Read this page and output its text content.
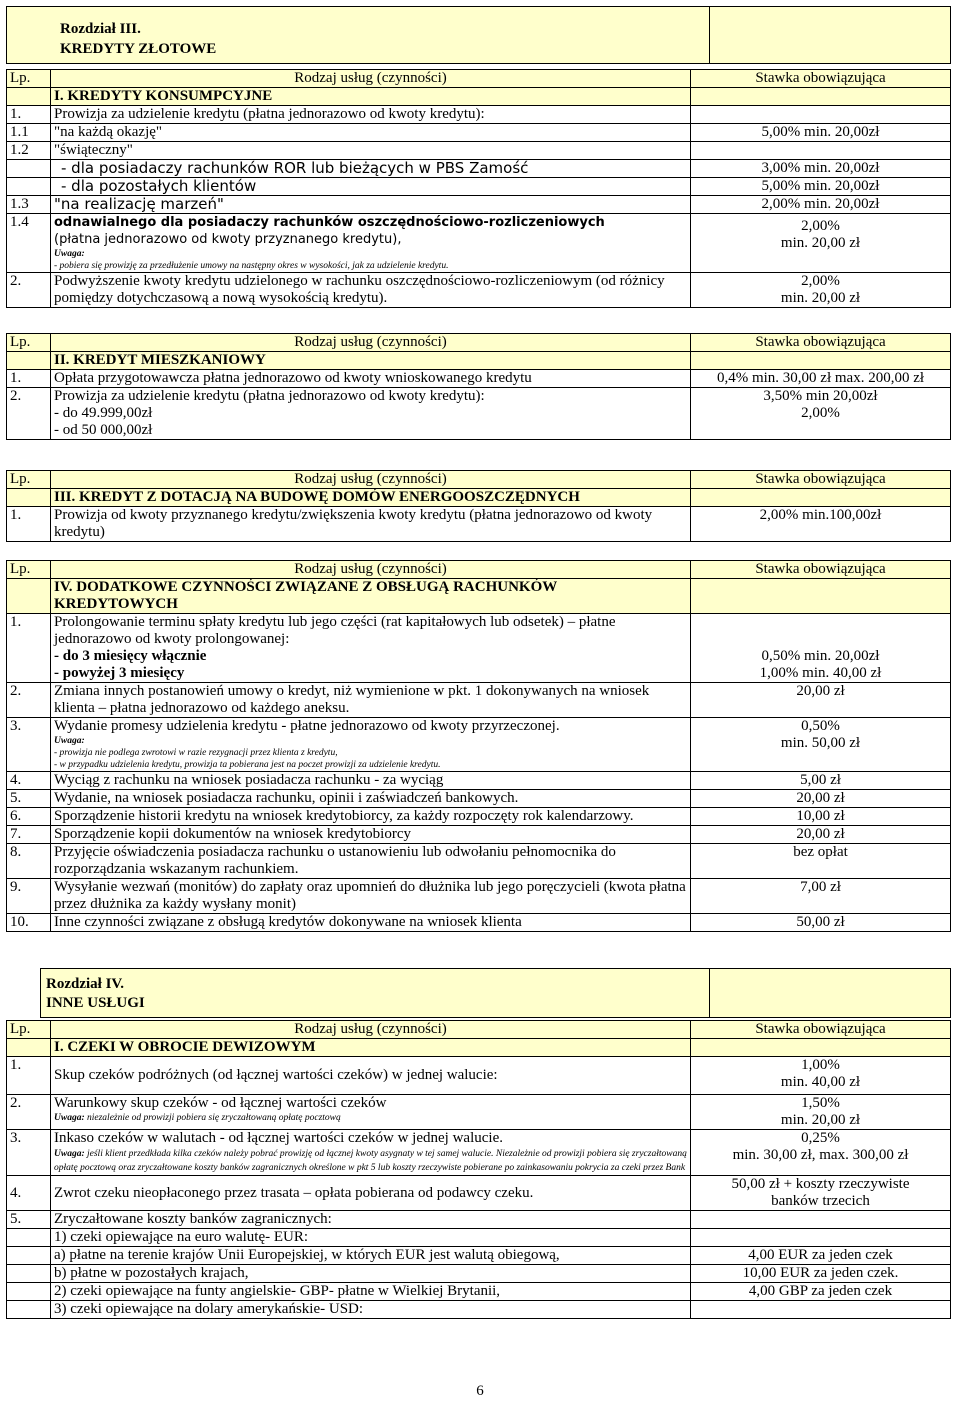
Rozdział III.
KREDYTY ZŁOTOWE
Lp.	Rodzaj usług (czynności)	Stawka obowiązująca
	I. KREDYTY KONSUMPCYJNE	
1.	Prowizja za udzielenie kredytu (płatna jednorazowo od kwoty kredytu):	
1.1	"na każdą okazję"	5,00% min. 20,00zł
1.2	"świąteczny"	
	- dla posiadaczy rachunków ROR lub bieżących w PBS Zamość	3,00% min. 20,00zł
	- dla pozostałych klientów	5,00% min. 20,00zł
1.3	"na realizację marzeń"	2,00% min. 20,00zł
1.4	odnawialnego dla posiadaczy rachunków oszczędnościowo-rozliczeniowych
(płatna jednorazowo od kwoty przyznanego kredytu),
Uwaga:
- pobiera się prowizję za przedłużenie umowy na następny okres w wysokości, jak za udzielenie kredytu.	2,00%
min. 20,00 zł

2.	Podwyższenie kwoty kredytu udzielonego w rachunku oszczędnościowo-rozliczeniowym (od różnicy pomiędzy dotychczasową a nową wysokością kredytu).	2,00%
min. 20,00 zł
Lp.	Rodzaj usług (czynności)	Stawka obowiązująca
	II. KREDYT MIESZKANIOWY	
1.	Opłata przygotowawcza płatna jednorazowo od kwoty wnioskowanego kredytu	0,4% min. 30,00 zł max. 200,00 zł
2.	Prowizja za udzielenie kredytu (płatna jednorazowo od kwoty kredytu):
- do 49.999,00zł
- od 50 000,00zł	3,50% min 20,00zł
2,00%
Lp.	Rodzaj usług (czynności)	Stawka obowiązująca
	III. KREDYT Z DOTACJĄ NA BUDOWĘ DOMÓW ENERGOOSZCZĘDNYCH	
1.	Prowizja od kwoty przyznanego kredytu/zwiększenia kwoty kredytu (płatna jednorazowo od kwoty kredytu)	2,00% min.100,00zł
Lp.	Rodzaj usług (czynności)	Stawka obowiązująca

	IV. DODATKOWE CZYNNOŚCI ZWIĄZANE Z OBSŁUGĄ RACHUNKÓW
KREDYTOWYCH	

1.	Prolongowanie terminu spłaty kredytu lub jego części (rat kapitałowych lub odsetek) – płatne jednorazowo od kwoty prolongowanej:
- do 3 miesięcy włącznie
- powyżej 3 miesięcy	0,50% min. 20,00zł
1,00% min. 40,00 zł

2.	Zmiana innych postanowień umowy o kredyt, niż wymienione w pkt. 1 dokonywanych na wniosek klienta – płatna jednorazowo od każdego aneksu.	20,00 zł
3.	Wydanie promesy udzielenia kredytu - płatne jednorazowo od kwoty przyrzeczonej.
Uwaga:
- prowizja nie podlega zwrotowi w razie rezygnacji przez klienta z kredytu,
- w przypadku udzielenia kredytu, prowizja ta pobierana jest na poczet prowizji za udzielenie kredytu.	0,50%
min. 50,00 zł

4.	Wyciąg z rachunku na wniosek posiadacza rachunku - za wyciąg	5,00 zł
5.	Wydanie, na wniosek posiadacza rachunku, opinii i zaświadczeń bankowych.	20,00 zł
6.	Sporządzenie historii kredytu na wniosek kredytobiorcy, za każdy rozpoczęty rok kalendarzowy.	10,00 zł
7.	Sporządzenie kopii dokumentów na wniosek kredytobiorcy	20,00 zł
8.	Przyjęcie oświadczenia posiadacza rachunku o ustanowieniu lub odwołaniu pełnomocnika do rozporządzania wskazanym rachunkiem.	bez opłat
9.	Wysyłanie wezwań (monitów) do zapłaty oraz upomnień do dłużnika lub jego poręczycieli (kwota płatna przez dłużnika za każdy wysłany monit)	7,00 zł
10.	Inne czynności związane z obsługą kredytów dokonywane na wniosek klienta	50,00 zł
Rozdział IV.
INNE USŁUGI
Lp.	Rodzaj usług (czynności)	Stawka obowiązująca
	I. CZEKI W OBROCIE DEWIZOWYM	
1.	Skup czeków podróżnych (od łącznej wartości czeków) w jednej walucie:	1,00%
min. 40,00 zł

2.	Warunkowy skup czeków - od łącznej wartości czeków
Uwaga: niezależnie od prowizji pobiera się zryczałtowaną opłatę pocztową	1,50%
min. 20,00 zł

3.	Inkaso czeków w walutach - od łącznej wartości czeków w jednej walucie.
Uwaga: jeśli klient przedkłada kilka czeków należy pobrać prowizję od łącznej kwoty asygnaty w tej samej walucie. Niezależnie od prowizji pobiera się zryczałtowaną opłatę pocztową oraz zryczałtowane koszty banków zagranicznych określone w pkt 5 lub koszty rzeczywiste pobierane po zainkasowaniu pokrycia za czeki przez Bank	0,25%
min. 30,00 zł, max. 300,00 zł

4.	Zwrot czeku nieopłaconego przez trasata – opłata pobierana od podawcy czeku.	50,00 zł + koszty rzeczywiste
banków trzecich

5.	Zryczałtowane koszty banków zagranicznych:	
	1) czeki opiewające na euro walutę- EUR:	
	a) płatne na terenie krajów Unii Europejskiej, w których EUR jest walutą obiegową,	4,00 EUR za jeden czek
	b) płatne w pozostałych krajach,	10,00 EUR za jeden czek.
	2) czeki opiewające na funty angielskie- GBP- płatne w Wielkiej Brytanii,	4,00 GBP za jeden czek
	3) czeki opiewające na dolary amerykańskie- USD:	
6
